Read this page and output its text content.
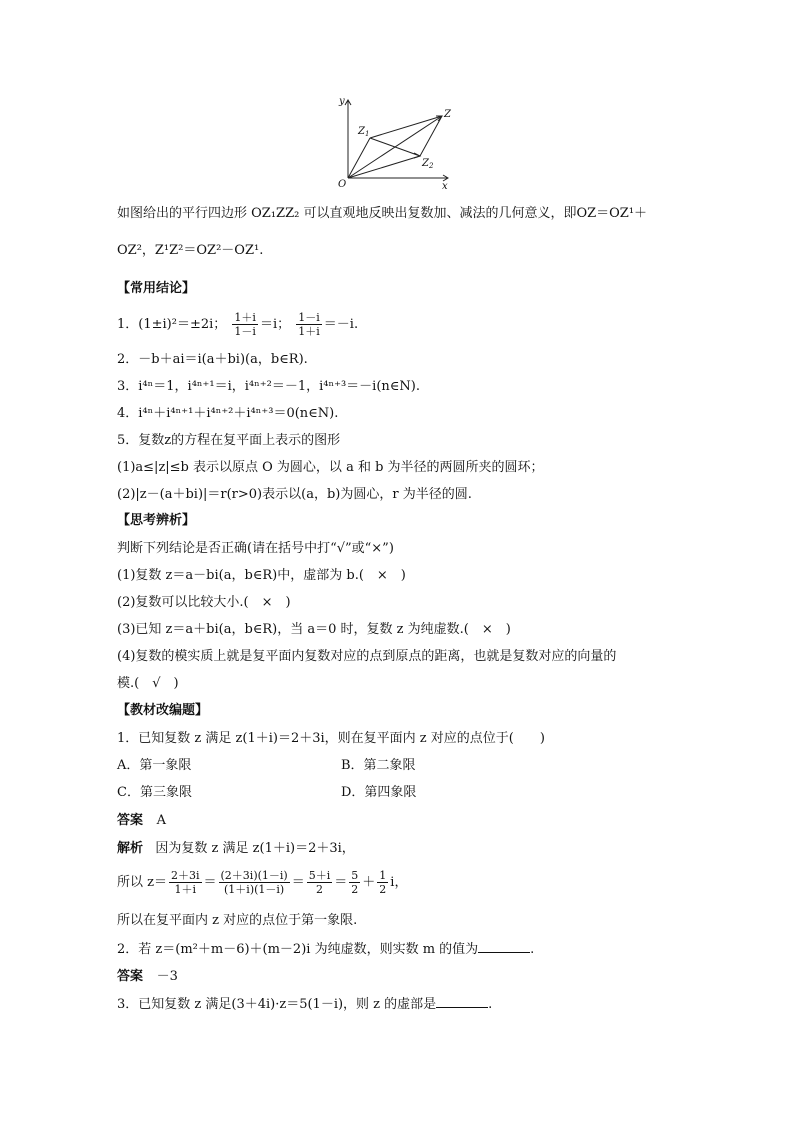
y
x
O
$Z_1$
Z
$Z_2$
如图给出的平行四边形 OZ₁ZZ₂ 可以直观地反映出复数加、减法的几何意义，即OZ＝OZ¹＋
OZ²，Z¹Z²＝OZ²－OZ¹.
【常用结论】
1．(1±i)²＝±2i； $\frac{1+i}{1-i} =i$； $\frac{1-i}{1+i} =-i$.
2．－b＋ai＝i(a＋bi)(a，b∈R).
3．i⁴ⁿ＝1，i⁴ⁿ⁺¹＝i，i⁴ⁿ⁺²＝－1，i⁴ⁿ⁺³＝－i(n∈N).
4．i⁴ⁿ＋i⁴ⁿ⁺¹＋i⁴ⁿ⁺²＋i⁴ⁿ⁺³＝0(n∈N).
5．复数z的方程在复平面上表示的图形
(1)a≤|z|≤b 表示以原点 O 为圆心，以 a 和 b 为半径的两圆所夹的圆环；
(2)|z－(a＋bi)|＝r(r>0)表示以(a，b)为圆心，r 为半径的圆.
【思考辨析】
判断下列结论是否正确(请在括号中打“√”或“×”)
(1)复数 z＝a－bi(a，b∈R)中，虚部为 b.(　×　)
(2)复数可以比较大小.(　×　)
(3)已知 z＝a＋bi(a，b∈R)，当 a＝0 时，复数 z 为纯虚数.(　×　)
(4)复数的模实质上就是复平面内复数对应的点到原点的距离，也就是复数对应的向量的
模.(　√　)
【教材改编题】
1．已知复数 z 满足 z(1＋i)＝2＋3i，则在复平面内 z 对应的点位于(　　)
A．第一象限	B．第二象限
C．第三象限	D．第四象限
答案 A
解析 因为复数 z 满足 z(1＋i)＝2＋3i，
所以 $z= \frac{2+3i}{1+i} = \frac{(2+3i)(1-i)}{(1+i)(1-i)} = \frac{5+i}{2} = \frac{5}{2} + \frac{1}{2}$ i，
所以在复平面内 z 对应的点位于第一象限.
2．若 z＝(m²＋m－6)＋(m－2)i 为纯虚数，则实数 m 的值为	.
答案 －3
3．已知复数 z 满足(3＋4i)·z＝5(1－i)，则 z 的虚部是	.
